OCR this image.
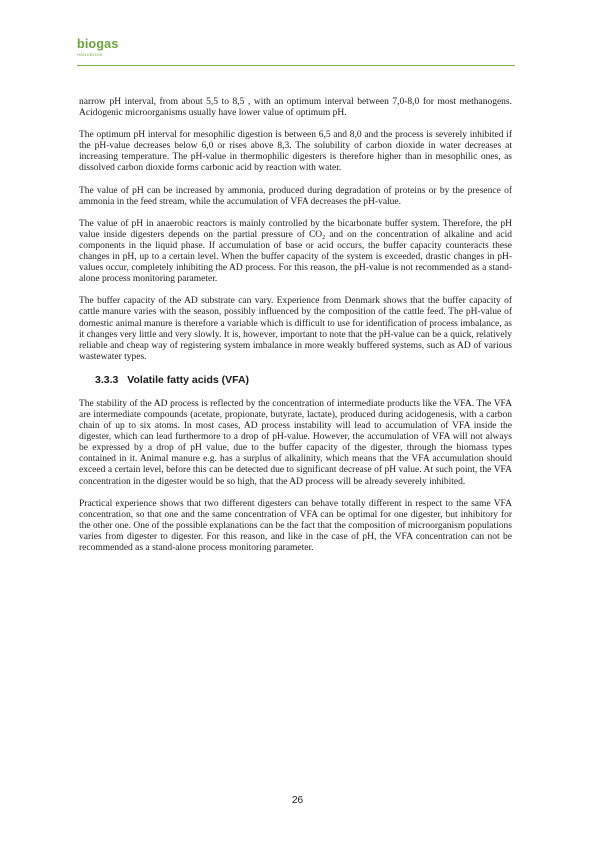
biogas
HANDBOOK

narrow pH interval, from about 5,5 to 8,5 , with an optimum interval between 7,0-8,0 for most methanogens. Acidogenic microorganisms usually have lower value of optimum pH.

The optimum pH interval for mesophilic digestion is between 6,5 and 8,0 and the process is severely inhibited if the pH-value decreases below 6,0 or rises above 8,3. The solubility of carbon dioxide in water decreases at increasing temperature. The pH-value in thermophilic digesters is therefore higher than in mesophilic ones, as dissolved carbon dioxide forms carbonic acid by reaction with water.

The value of pH can be increased by ammonia, produced during degradation of proteins or by the presence of ammonia in the feed stream, while the accumulation of VFA decreases the pH-value.

The value of pH in anaerobic reactors is mainly controlled by the bicarbonate buffer system. Therefore, the pH value inside digesters depends on the partial pressure of $CO_2$ and on the concentration of alkaline and acid components in the liquid phase. If accumulation of base or acid occurs, the buffer capacity counteracts these changes in pH, up to a certain level. When the buffer capacity of the system is exceeded, drastic changes in pH-values occur, completely inhibiting the AD process. For this reason, the pH-value is not recommended as a stand-alone process monitoring parameter.

The buffer capacity of the AD substrate can vary. Experience from Denmark shows that the buffer capacity of cattle manure varies with the season, possibly influenced by the composition of the cattle feed. The pH-value of domestic animal manure is therefore a variable which is difficult to use for identification of process imbalance, as it changes very little and very slowly. It is, however, important to note that the pH-value can be a quick, relatively reliable and cheap way of registering system imbalance in more weakly buffered systems, such as AD of various wastewater types.

3.3.3 Volatile fatty acids (VFA)

The stability of the AD process is reflected by the concentration of intermediate products like the VFA. The VFA are intermediate compounds (acetate, propionate, butyrate, lactate), produced during acidogenesis, with a carbon chain of up to six atoms. In most cases, AD process instability will lead to accumulation of VFA inside the digester, which can lead furthermore to a drop of pH-value. However, the accumulation of VFA will not always be expressed by a drop of pH value, due to the buffer capacity of the digester, through the biomass types contained in it. Animal manure e.g. has a surplus of alkalinity, which means that the VFA accumulation should exceed a certain level, before this can be detected due to significant decrease of pH value. At such point, the VFA concentration in the digester would be so high, that the AD process will be already severely inhibited.

Practical experience shows that two different digesters can behave totally different in respect to the same VFA concentration, so that one and the same concentration of VFA can be optimal for one digester, but inhibitory for the other one. One of the possible explanations can be the fact that the composition of microorganism populations varies from digester to digester. For this reason, and like in the case of pH, the VFA concentration can not be recommended as a stand-alone process monitoring parameter.

26
